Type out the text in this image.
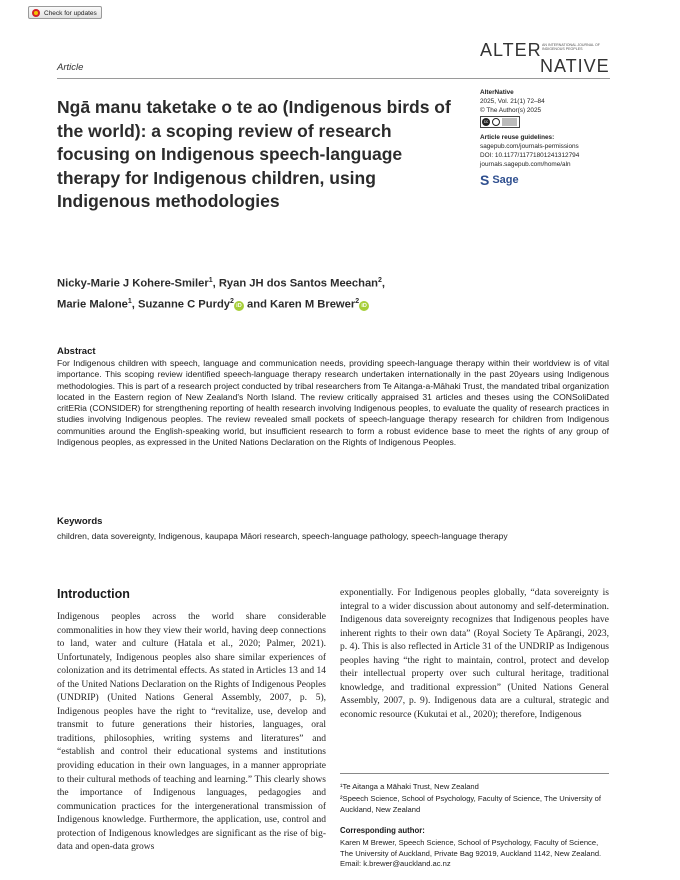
Check for updates
ALTER AN INTERNATIONAL JOURNAL OF INDIGENOUS PEOPLES
NATIVE
Article
Ngā manu taketake o te ao (Indigenous birds of the world): a scoping review of research focusing on Indigenous speech-language therapy for Indigenous children, using Indigenous methodologies
AlterNative
2025, Vol. 21(1) 72–84
© The Author(s) 2025
cc
Article reuse guidelines:
sagepub.com/journals-permissions
DOI: 10.1177/11771801241312794
journals.sagepub.com/home/aln
S Sage
Nicky-Marie J Kohere-Smiler$^1$, Ryan JH dos Santos Meechan$^2$,
Marie Malone$^1$, Suzanne C Purdy$^2$iD and Karen M Brewer$^2$iD
Abstract
For Indigenous children with speech, language and communication needs, providing speech-language therapy within their worldview is of vital importance. This scoping review identified speech-language therapy research undertaken internationally in the past 20years using Indigenous methodologies. This is part of a research project conducted by tribal researchers from Te Aitanga-a-Māhaki Trust, the mandated tribal organization located in the Eastern region of New Zealand's North Island. The review critically appraised 31 articles and theses using the CONSoliDated critERia (CONSIDER) for strengthening reporting of health research involving Indigenous peoples, to evaluate the quality of research practices in studies involving Indigenous peoples. The review revealed small pockets of speech-language therapy research for children from Indigenous communities around the English-speaking world, but insufficient research to form a robust evidence base to meet the rights of any group of Indigenous peoples, as expressed in the United Nations Declaration on the Rights of Indigenous Peoples.
Keywords
children, data sovereignty, Indigenous, kaupapa Māori research, speech-language pathology, speech-language therapy
Introduction
Indigenous peoples across the world share considerable commonalities in how they view their world, having deep connections to land, water and culture (Hatala et al., 2020; Palmer, 2021). Unfortunately, Indigenous peoples also share similar experiences of colonization and its detrimental effects. As stated in Articles 13 and 14 of the United Nations Declaration on the Rights of Indigenous Peoples (UNDRIP) (United Nations General Assembly, 2007, p. 5), Indigenous peoples have the right to “revitalize, use, develop and transmit to future generations their histories, languages, oral traditions, philosophies, writing systems and literatures” and “establish and control their educational systems and institutions providing education in their own languages, in a manner appropriate to their cultural methods of teaching and learning.” This clearly shows the importance of Indigenous languages, pedagogies and communication practices for the intergenerational transmission of Indigenous knowledge. Furthermore, the application, use, control and protection of Indigenous knowledges are significant as the rise of big-data and open-data grows
exponentially. For Indigenous peoples globally, “data sovereignty is integral to a wider discussion about autonomy and self-determination. Indigenous data sovereignty recognizes that Indigenous peoples have inherent rights to their own data” (Royal Society Te Apārangi, 2023, p. 4). This is also reflected in Article 31 of the UNDRIP as Indigenous peoples having “the right to maintain, control, protect and develop their intellectual property over such cultural heritage, traditional knowledge, and traditional expression” (United Nations General Assembly, 2007, p. 9). Indigenous data are a cultural, strategic and economic resource (Kukutai et al., 2020); therefore, Indigenous
¹Te Aitanga a Māhaki Trust, New Zealand
²Speech Science, School of Psychology, Faculty of Science, The University of Auckland, New Zealand
Corresponding author:
Karen M Brewer, Speech Science, School of Psychology, Faculty of Science, The University of Auckland, Private Bag 92019, Auckland 1142, New Zealand.
Email: k.brewer@auckland.ac.nz
